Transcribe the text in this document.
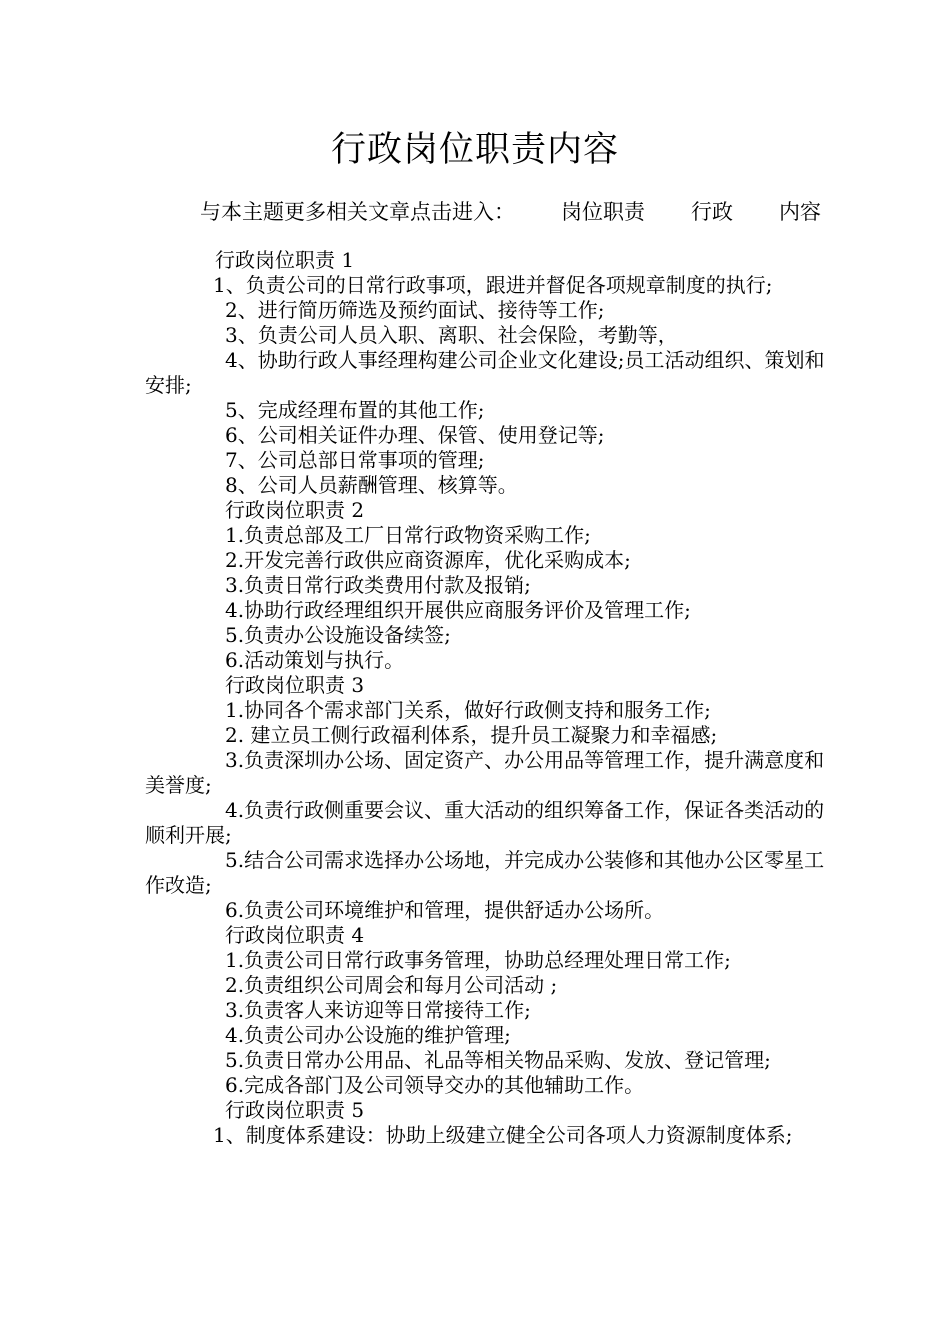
行政岗位职责内容
与本主题更多相关文章点击进入： 岗位职责 行政 内容

行政岗位职责 1

1、负责公司的日常行政事项，跟进并督促各项规章制度的执行;

2、进行简历筛选及预约面试、接待等工作;

3、负责公司人员入职、离职、社会保险，考勤等，

4、协助行政人事经理构建公司企业文化建设;员工活动组织、策划和安排;

5、完成经理布置的其他工作;

6、公司相关证件办理、保管、使用登记等;

7、公司总部日常事项的管理;

8、公司人员薪酬管理、核算等。

行政岗位职责 2

1.负责总部及工厂日常行政物资采购工作;

2.开发完善行政供应商资源库，优化采购成本;

3.负责日常行政类费用付款及报销;

4.协助行政经理组织开展供应商服务评价及管理工作;

5.负责办公设施设备续签;

6.活动策划与执行。

行政岗位职责 3

1.协同各个需求部门关系，做好行政侧支持和服务工作;

2. 建立员工侧行政福利体系，提升员工凝聚力和幸福感;

3.负责深圳办公场、固定资产、办公用品等管理工作，提升满意度和美誉度;

4.负责行政侧重要会议、重大活动的组织筹备工作，保证各类活动的顺利开展;

5.结合公司需求选择办公场地，并完成办公装修和其他办公区零星工作改造;

6.负责公司环境维护和管理，提供舒适办公场所。

行政岗位职责 4

1.负责公司日常行政事务管理，协助总经理处理日常工作;

2.负责组织公司周会和每月公司活动 ;

3.负责客人来访迎等日常接待工作;

4.负责公司办公设施的维护管理;

5.负责日常办公用品、礼品等相关物品采购、发放、登记管理;

6.完成各部门及公司领导交办的其他辅助工作。

行政岗位职责 5

1、制度体系建设：协助上级建立健全公司各项人力资源制度体系;
